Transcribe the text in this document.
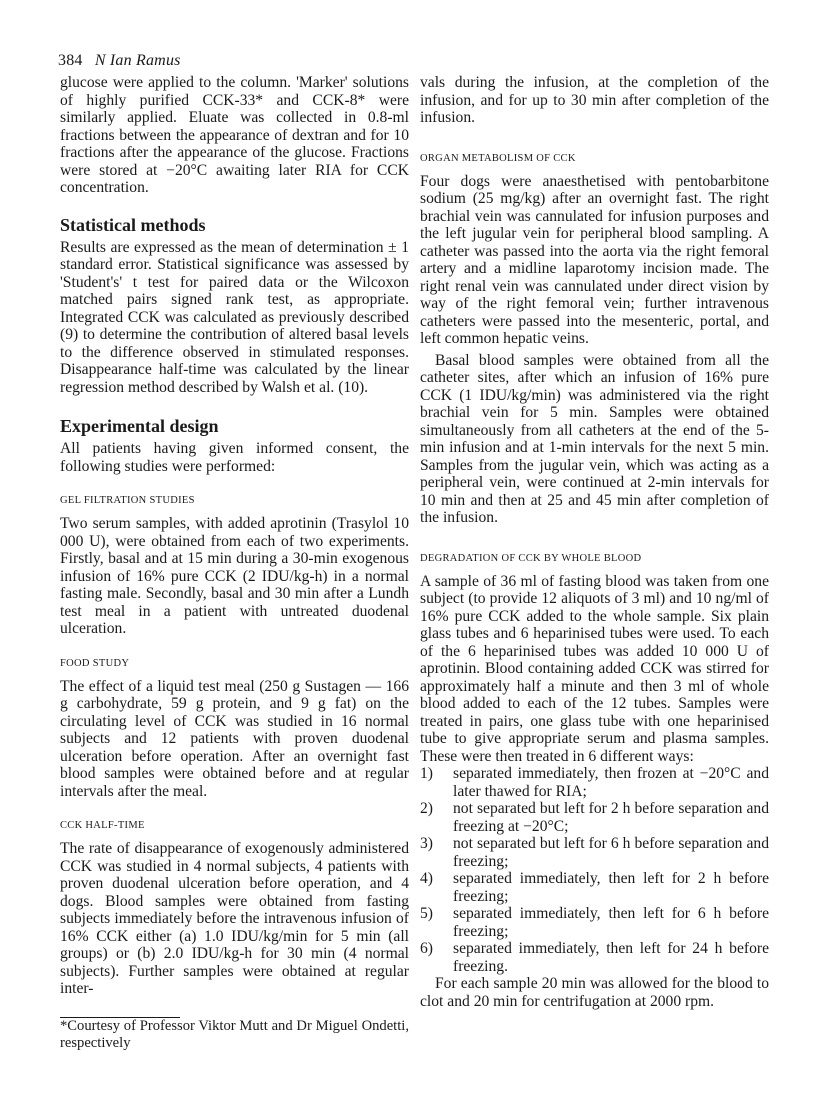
384 N Ian Ramus

glucose were applied to the column. 'Marker' solutions of highly purified CCK-33* and CCK-8* were similarly applied. Eluate was collected in 0.8-ml fractions between the appearance of dextran and for 10 fractions after the appearance of the glucose. Fractions were stored at −20°C awaiting later RIA for CCK concentration.

Statistical methods

Results are expressed as the mean of determination ± 1 standard error. Statistical significance was assessed by 'Student's' t test for paired data or the Wilcoxon matched pairs signed rank test, as appropriate. Integrated CCK was calculated as previously described (9) to determine the contribution of altered basal levels to the difference observed in stimulated responses. Disappearance half-time was calculated by the linear regression method described by Walsh et al. (10).

Experimental design

All patients having given informed consent, the following studies were performed:

GEL FILTRATION STUDIES

Two serum samples, with added aprotinin (Trasylol 10 000 U), were obtained from each of two experiments. Firstly, basal and at 15 min during a 30-min exogenous infusion of 16% pure CCK (2 IDU/kg-h) in a normal fasting male. Secondly, basal and 30 min after a Lundh test meal in a patient with untreated duodenal ulceration.

FOOD STUDY

The effect of a liquid test meal (250 g Sustagen — 166 g carbohydrate, 59 g protein, and 9 g fat) on the circulating level of CCK was studied in 16 normal subjects and 12 patients with proven duodenal ulceration before operation. After an overnight fast blood samples were obtained before and at regular intervals after the meal.

CCK HALF-TIME

The rate of disappearance of exogenously administered CCK was studied in 4 normal subjects, 4 patients with proven duodenal ulceration before operation, and 4 dogs. Blood samples were obtained from fasting subjects immediately before the intravenous infusion of 16% CCK either (a) 1.0 IDU/kg/min for 5 min (all groups) or (b) 2.0 IDU/kg-h for 30 min (4 normal subjects). Further samples were obtained at regular inter-

vals during the infusion, at the completion of the infusion, and for up to 30 min after completion of the infusion.

ORGAN METABOLISM OF CCK

Four dogs were anaesthetised with pentobarbitone sodium (25 mg/kg) after an overnight fast. The right brachial vein was cannulated for infusion purposes and the left jugular vein for peripheral blood sampling. A catheter was passed into the aorta via the right femoral artery and a midline laparotomy incision made. The right renal vein was cannulated under direct vision by way of the right femoral vein; further intravenous catheters were passed into the mesenteric, portal, and left common hepatic veins.

Basal blood samples were obtained from all the catheter sites, after which an infusion of 16% pure CCK (1 IDU/kg/min) was administered via the right brachial vein for 5 min. Samples were obtained simultaneously from all catheters at the end of the 5-min infusion and at 1-min intervals for the next 5 min. Samples from the jugular vein, which was acting as a peripheral vein, were continued at 2-min intervals for 10 min and then at 25 and 45 min after completion of the infusion.

DEGRADATION OF CCK BY WHOLE BLOOD

A sample of 36 ml of fasting blood was taken from one subject (to provide 12 aliquots of 3 ml) and 10 ng/ml of 16% pure CCK added to the whole sample. Six plain glass tubes and 6 heparinised tubes were used. To each of the 6 heparinised tubes was added 10 000 U of aprotinin. Blood containing added CCK was stirred for approximately half a minute and then 3 ml of whole blood added to each of the 12 tubes. Samples were treated in pairs, one glass tube with one heparinised tube to give appropriate serum and plasma samples. These were then treated in 6 different ways:

1)	separated immediately, then frozen at −20°C and later thawed for RIA;
2)	not separated but left for 2 h before separation and freezing at −20°C;
3)	not separated but left for 6 h before separation and freezing;
4)	separated immediately, then left for 2 h before freezing;
5)	separated immediately, then left for 6 h before freezing;
6)	separated immediately, then left for 24 h before freezing.

For each sample 20 min was allowed for the blood to clot and 20 min for centrifugation at 2000 rpm.

*Courtesy of Professor Viktor Mutt and Dr Miguel Ondetti, respectively
